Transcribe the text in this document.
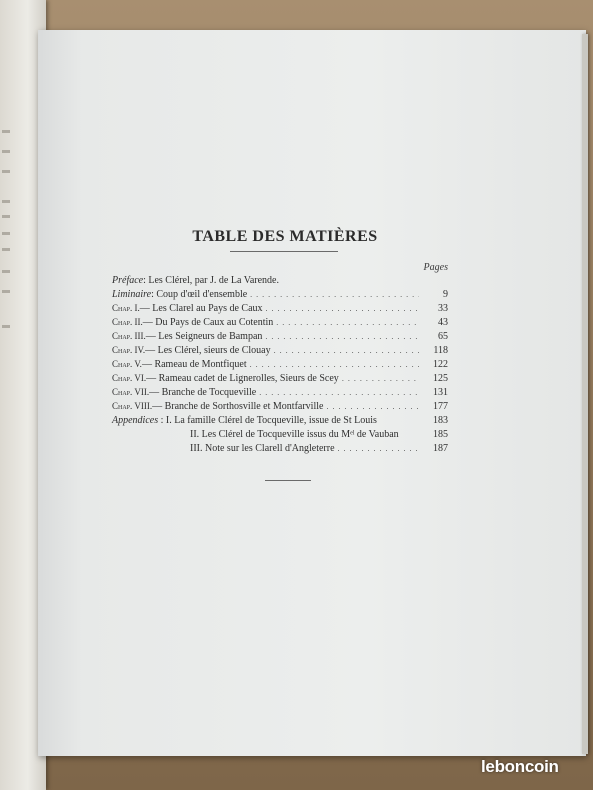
TABLE DES MATIÈRES
Pages
Préface : Les Clérel, par J. de La Varende.
Liminaire : Coup d'œil d'ensemble . . .	9
Chap. I. — Les Clarel au Pays de Caux . . .	33
Chap. II. — Du Pays de Caux au Cotentin . . .	43
Chap. III. — Les Seigneurs de Bampan . . .	65
Chap. IV. — Les Clérel, sieurs de Clouay . . .	118
Chap. V. — Rameau de Montfiquet . . .	122
Chap. VI. — Rameau cadet de Lignerolles, Sieurs de Scey . . .	125
Chap. VII. — Branche de Tocqueville . . .	131
Chap. VIII. — Branche de Sorthosville et Montfarville . . .	177
Appendices : I. La famille Clérel de Tocqueville, issue de St Louis	183
II. Les Clérel de Tocqueville issus du Mᵉˡ de Vauban	185
III. Note sur les Clarell d'Angleterre . . .	187
leboncoin
